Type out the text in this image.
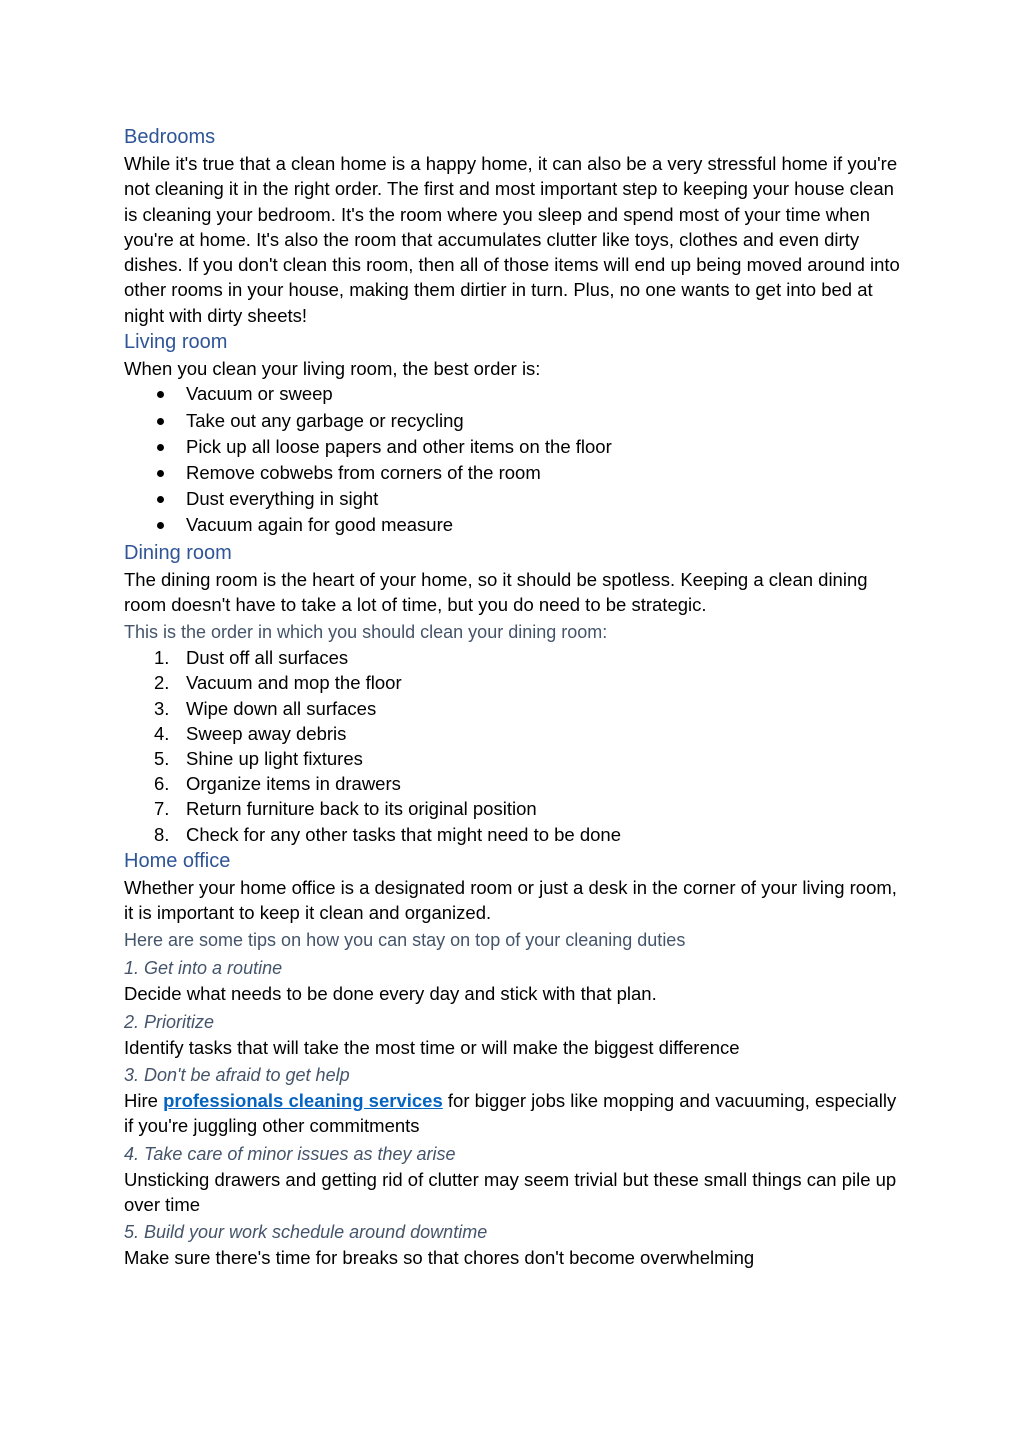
Bedrooms
While it's true that a clean home is a happy home, it can also be a very stressful home if you're not cleaning it in the right order. The first and most important step to keeping your house clean is cleaning your bedroom. It's the room where you sleep and spend most of your time when you're at home. It's also the room that accumulates clutter like toys, clothes and even dirty dishes. If you don't clean this room, then all of those items will end up being moved around into other rooms in your house, making them dirtier in turn. Plus, no one wants to get into bed at night with dirty sheets!
Living room
When you clean your living room, the best order is:
Vacuum or sweep
Take out any garbage or recycling
Pick up all loose papers and other items on the floor
Remove cobwebs from corners of the room
Dust everything in sight
Vacuum again for good measure
Dining room
The dining room is the heart of your home, so it should be spotless. Keeping a clean dining room doesn't have to take a lot of time, but you do need to be strategic.
This is the order in which you should clean your dining room:
1. Dust off all surfaces
2. Vacuum and mop the floor
3. Wipe down all surfaces
4. Sweep away debris
5. Shine up light fixtures
6. Organize items in drawers
7. Return furniture back to its original position
8. Check for any other tasks that might need to be done
Home office
Whether your home office is a designated room or just a desk in the corner of your living room, it is important to keep it clean and organized.
Here are some tips on how you can stay on top of your cleaning duties
1. Get into a routine
Decide what needs to be done every day and stick with that plan.
2. Prioritize
Identify tasks that will take the most time or will make the biggest difference
3. Don't be afraid to get help
Hire professionals cleaning services for bigger jobs like mopping and vacuuming, especially if you're juggling other commitments
4. Take care of minor issues as they arise
Unsticking drawers and getting rid of clutter may seem trivial but these small things can pile up over time
5. Build your work schedule around downtime
Make sure there's time for breaks so that chores don't become overwhelming
